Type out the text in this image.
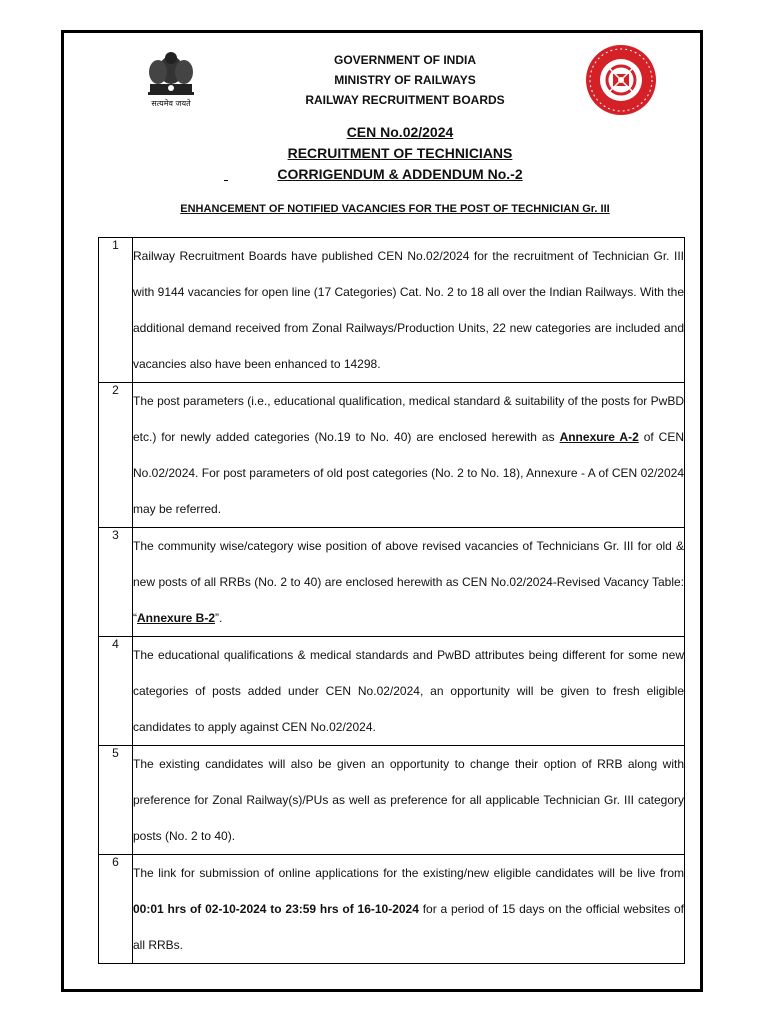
सत्यमेव जयते
GOVERNMENT OF INDIA
MINISTRY OF RAILWAYS
RAILWAY RECRUITMENT BOARDS
CEN No.02/2024
RECRUITMENT OF TECHNICIANS
CORRIGENDUM & ADDENDUM No.-2
ENHANCEMENT OF NOTIFIED VACANCIES FOR THE POST OF TECHNICIAN Gr. III
1	Railway Recruitment Boards have published CEN No.02/2024 for the recruitment of Technician Gr. III with 9144 vacancies for open line (17 Categories) Cat. No. 2 to 18 all over the Indian Railways. With the additional demand received from Zonal Railways/Production Units, 22 new categories are included and vacancies also have been enhanced to 14298.
2	The post parameters (i.e., educational qualification, medical standard & suitability of the posts for PwBD etc.) for newly added categories (No.19 to No. 40) are enclosed herewith as Annexure A-2 of CEN No.02/2024. For post parameters of old post categories (No. 2 to No. 18), Annexure - A of CEN 02/2024 may be referred.
3	The community wise/category wise position of above revised vacancies of Technicians Gr. III for old & new posts of all RRBs (No. 2 to 40) are enclosed herewith as CEN No.02/2024-Revised Vacancy Table: “Annexure B-2”.
4	The educational qualifications & medical standards and PwBD attributes being different for some new categories of posts added under CEN No.02/2024, an opportunity will be given to fresh eligible candidates to apply against CEN No.02/2024.
5	The existing candidates will also be given an opportunity to change their option of RRB along with preference for Zonal Railway(s)/PUs as well as preference for all applicable Technician Gr. III category posts (No. 2 to 40).
6	The link for submission of online applications for the existing/new eligible candidates will be live from 00:01 hrs of 02-10-2024 to 23:59 hrs of 16-10-2024 for a period of 15 days on the official websites of all RRBs.
